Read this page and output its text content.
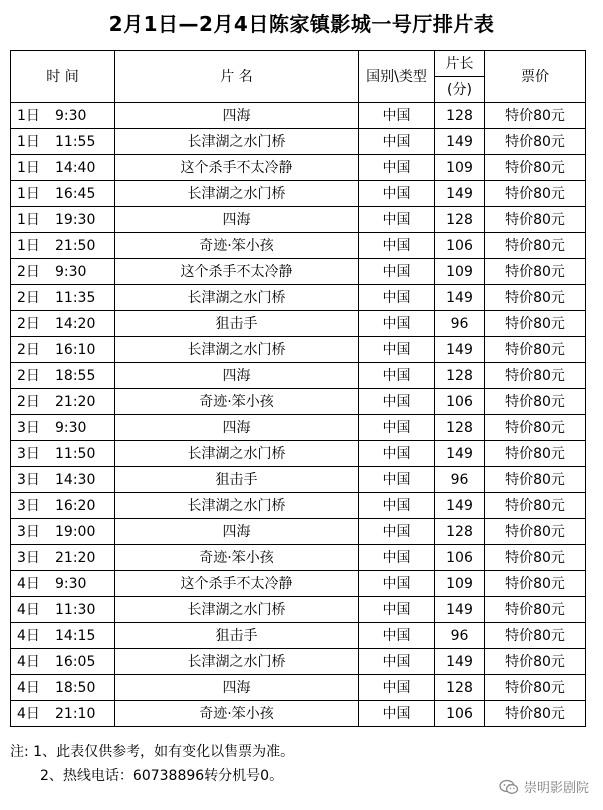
2月1日—2月4日陈家镇影城一号厅排片表
时 间	片 名	国别\类型	片长	票价
			(分)	
1日 9:30	四海	中国	128	特价80元
1日 11:55	长津湖之水门桥	中国	149	特价80元
1日 14:40	这个杀手不太冷静	中国	109	特价80元
1日 16:45	长津湖之水门桥	中国	149	特价80元
1日 19:30	四海	中国	128	特价80元
1日 21:50	奇迹·笨小孩	中国	106	特价80元
2日 9:30	这个杀手不太冷静	中国	109	特价80元
2日 11:35	长津湖之水门桥	中国	149	特价80元
2日 14:20	狙击手	中国	96	特价80元
2日 16:10	长津湖之水门桥	中国	149	特价80元
2日 18:55	四海	中国	128	特价80元
2日 21:20	奇迹·笨小孩	中国	106	特价80元
3日 9:30	四海	中国	128	特价80元
3日 11:50	长津湖之水门桥	中国	149	特价80元
3日 14:30	狙击手	中国	96	特价80元
3日 16:20	长津湖之水门桥	中国	149	特价80元
3日 19:00	四海	中国	128	特价80元
3日 21:20	奇迹·笨小孩	中国	106	特价80元
4日 9:30	这个杀手不太冷静	中国	109	特价80元
4日 11:30	长津湖之水门桥	中国	149	特价80元
4日 14:15	狙击手	中国	96	特价80元
4日 16:05	长津湖之水门桥	中国	149	特价80元
4日 18:50	四海	中国	128	特价80元
4日 21:10	奇迹·笨小孩	中国	106	特价80元
注: 1、此表仅供参考，如有变化以售票为准。
2、热线电话：60738896转分机号0。
崇明影剧院
